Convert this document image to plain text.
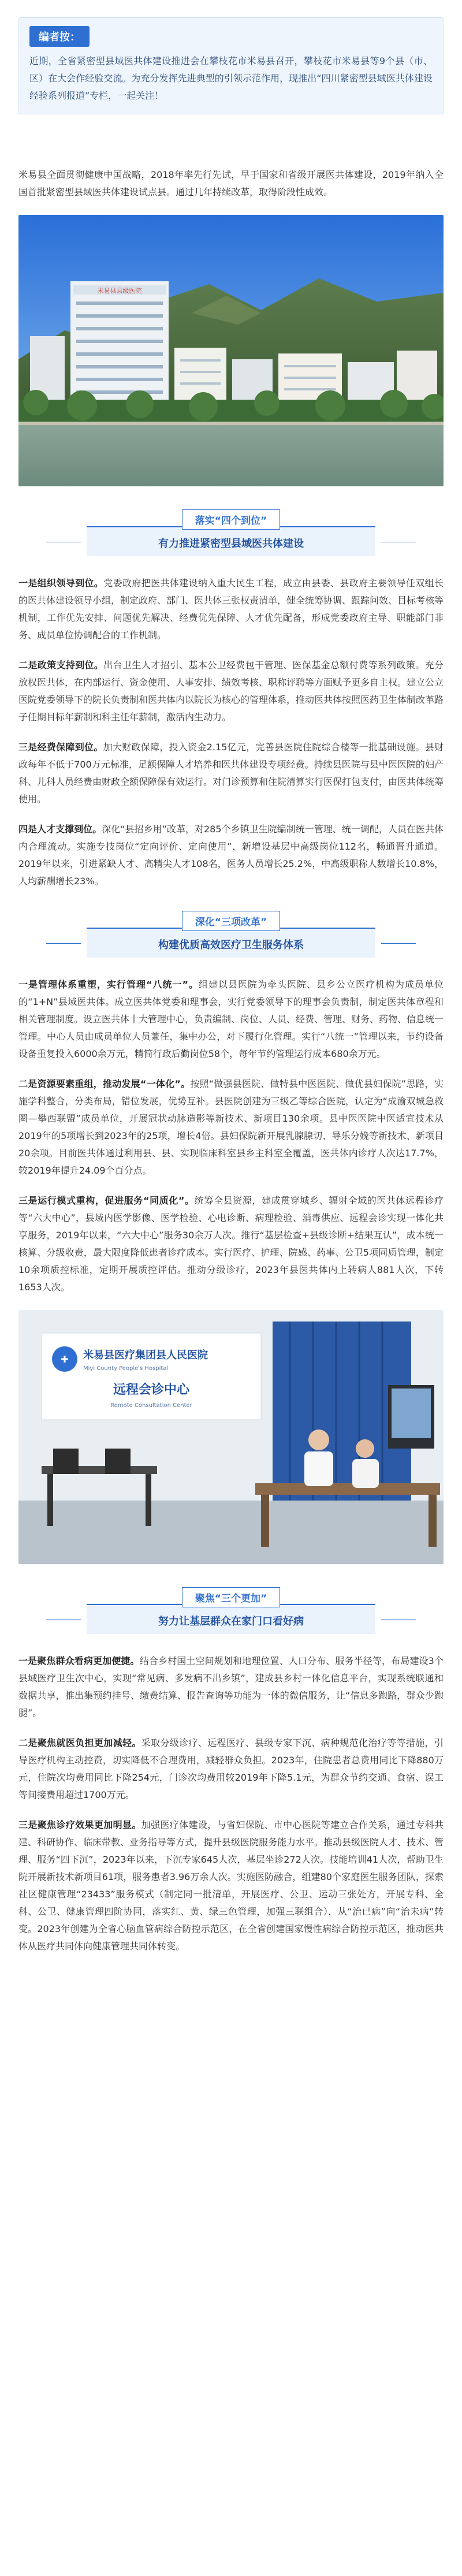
编者按：

近期，全省紧密型县域医共体建设推进会在攀枝花市米易县召开，攀枝花市米易县等9个县（市、区）在大会作经验交流。为充分发挥先进典型的引领示范作用，现推出“四川紧密型县域医共体建设经验系列报道”专栏，一起关注！

米易县全面贯彻健康中国战略，2018年率先行先试，早于国家和省级开展医共体建设，2019年纳入全国首批紧密型县域医共体建设试点县。通过几年持续改革，取得阶段性成效。

米易县县级医院
落实“四个到位”
有力推进紧密型县域医共体建设

一是组织领导到位。党委政府把医共体建设纳入重大民生工程，成立由县委、县政府主要领导任双组长的医共体建设领导小组，制定政府、部门、医共体三张权责清单，健全统筹协调、跟踪问效、目标考核等机制，工作优先安排、问题优先解决、经费优先保障、人才优先配备，形成党委政府主导、职能部门非务、成员单位协调配合的工作机制。

二是政策支持到位。出台卫生人才招引、基本公卫经费包干管理、医保基金总额付费等系列政策。充分放权医共体，在内部运行、资金使用、人事安排、绩效考核、职称评聘等方面赋予更多自主权。建立公立医院党委领导下的院长负责制和医共体内以院长为核心的管理体系，推动医共体按照医药卫生体制改革路子任期目标年薪制和科主任年薪制，激活内生动力。

三是经费保障到位。加大财政保障，投入资金2.15亿元，完善县医院住院综合楼等一批基础设施。县财政每年不低于700万元标准，足额保障人才培养和医共体建设专项经费。持续县医院与县中医医院的妇产科、儿科人员经费由财政全额保障保有效运行。对门诊预算和住院清算实行医保打包支付，由医共体统筹使用。

四是人才支撑到位。深化“县招乡用”改革，对285个乡镇卫生院编制统一管理、统一调配，人员在医共体内合理流动。实施专技岗位“定向评价、定向使用”，新增设基层中高级岗位112名，畅通晋升通道。2019年以来，引进紧缺人才、高精尖人才108名，医务人员增长25.2%，中高级职称人数增长10.8%，人均薪酬增长23%。

深化“三项改革”
构建优质高效医疗卫生服务体系

一是管理体系重塑，实行管理“八统一”。组建以县医院为牵头医院、县乡公立医疗机构为成员单位的“1+N”县域医共体。成立医共体党委和理事会，实行党委领导下的理事会负责制，制定医共体章程和相关管理制度。设立医共体十大管理中心，负责编制、岗位、人员、经费、管理、财务、药物、信息统一管理。中心人员由成员单位人员兼任，集中办公，对下履行化管理。实行“八统一”管理以来，节约设备设备重复投入6000余万元，精简行政后勤岗位58个，每年节约管理运行成本680余万元。

二是资源要素重组，推动发展“一体化”。按照“做强县医院、做特县中医医院、做优县妇保院”思路，实施学科整合，分类布局，错位发展，优势互补。县医院创建为三级乙等综合医院，认定为“成渝双城急救圈—攀西联盟”成员单位，开展冠状动脉造影等新技术、新项目130余项。县中医医院中医适宜技术从2019年的5项增长到2023年的25项，增长4倍。县妇保院新开展乳腺腺切、导乐分娩等新技术、新项目20余项。目前医共体通过利用县、县、实现临床科室县乡主科室全覆盖，医共体内诊疗人次达17.7%，较2019年提升24.09个百分点。

三是运行模式重构，促进服务“同质化”。统筹全县资源，建成贯穿城乡、辐射全域的医共体远程诊疗等“六大中心”，县域内医学影像、医学检验、心电诊断、病理检验、消毒供应、远程会诊实现一体化共享服务，2019年以来，“六大中心”服务30余万人次。推行“基层检查+县级诊断+结果互认”，成本统一核算、分级收费，最大限度降低患者诊疗成本。实行医疗、护理、院感、药事、公卫5项同质管理，制定10余项质控标准，定期开展质控评估。推动分级诊疗，2023年县医共体内上转病人881人次，下转1653人次。

✚ 米易县医疗集团县人民医院
Miyi County People's Hospital
远程会诊中心
Remote Consultation Center
聚焦“三个更加”
努力让基层群众在家门口看好病

一是聚焦群众看病更加便捷。结合乡村国土空间规划和地理位置、人口分布、服务半径等，布局建设3个县域医疗卫生次中心，实现“常见病、多发病不出乡镇”，建成县乡村一体化信息平台，实现系统联通和数据共享，推出集预约挂号、缴费结算、报告查询等功能为一体的微信服务，让“信息多跑路，群众少跑腿”。

二是聚焦就医负担更加减轻。采取分级诊疗、远程医疗、县级专家下沉、病种规范化治疗等等措施，引导医疗机构主动控费，切实降低不合理费用，减轻群众负担。2023年，住院患者总费用同比下降880万元，住院次均费用同比下降254元，门诊次均费用较2019年下降5.1元，为群众节约交通、食宿、误工等间接费用超过1700万元。

三是聚焦诊疗效果更加明显。加强医疗体建设，与省妇保院、市中心医院等建立合作关系，通过专科共建、科研协作、临床带教、业务指导等方式，提升县级医院服务能力水平。推动县级医院人才、技术、管理、服务“四下沉”，2023年以来，下沉专家645人次，基层坐诊272人次。技能培训41人次，帮助卫生院开展新技术新项目61项，服务患者3.96万余人次。实施医防融合，组建80个家庭医生服务团队，探索社区健康管理“23433”服务模式（制定同一批清单，开展医疗、公卫、运动三张处方，开展专科、全科、公卫、健康管理四阶协同，落实红、黄、绿三色管理，加强三联组合），从“治已病”向“治未病”转变。2023年创建为全省心脑血管病综合防控示范区，在全省创建国家慢性病综合防控示范区，推动医共体从医疗共同体向健康管理共同体转变。
